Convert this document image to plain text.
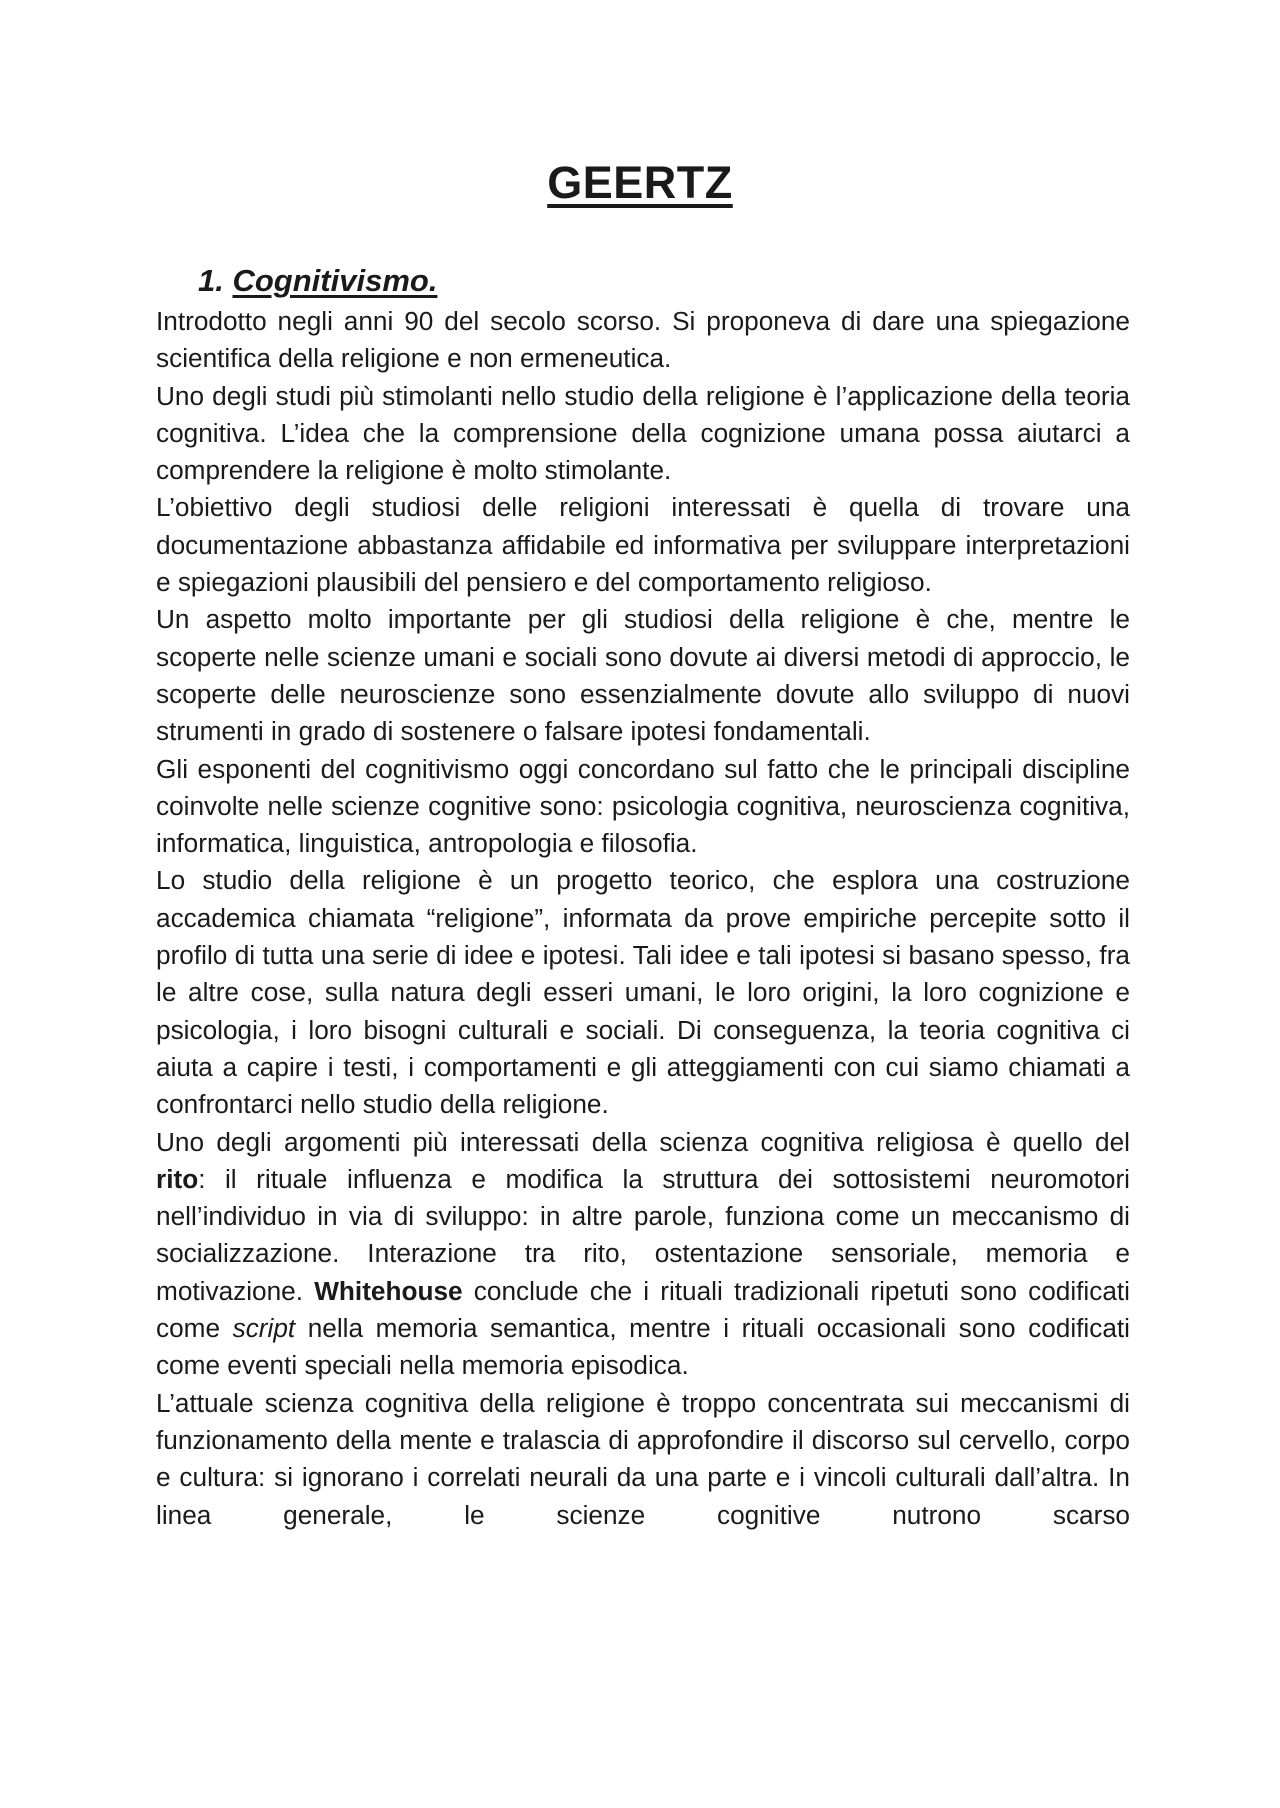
GEERTZ
1. Cognitivismo.

Introdotto negli anni 90 del secolo scorso. Si proponeva di dare una spiegazione scientifica della religione e non ermeneutica.

Uno degli studi più stimolanti nello studio della religione è l’applicazione della teoria cognitiva. L’idea che la comprensione della cognizione umana possa aiutarci a comprendere la religione è molto stimolante.

L’obiettivo degli studiosi delle religioni interessati è quella di trovare una documentazione abbastanza affidabile ed informativa per sviluppare interpretazioni e spiegazioni plausibili del pensiero e del comportamento religioso.

Un aspetto molto importante per gli studiosi della religione è che, mentre le scoperte nelle scienze umani e sociali sono dovute ai diversi metodi di approccio, le scoperte delle neuroscienze sono essenzialmente dovute allo sviluppo di nuovi strumenti in grado di sostenere o falsare ipotesi fondamentali.

Gli esponenti del cognitivismo oggi concordano sul fatto che le principali discipline coinvolte nelle scienze cognitive sono: psicologia cognitiva, neuroscienza cognitiva, informatica, linguistica, antropologia e filosofia.

Lo studio della religione è un progetto teorico, che esplora una costruzione accademica chiamata “religione”, informata da prove empiriche percepite sotto il profilo di tutta una serie di idee e ipotesi. Tali idee e tali ipotesi si basano spesso, fra le altre cose, sulla natura degli esseri umani, le loro origini, la loro cognizione e psicologia, i loro bisogni culturali e sociali. Di conseguenza, la teoria cognitiva ci aiuta a capire i testi, i comportamenti e gli atteggiamenti con cui siamo chiamati a confrontarci nello studio della religione.

Uno degli argomenti più interessati della scienza cognitiva religiosa è quello del rito: il rituale influenza e modifica la struttura dei sottosistemi neuromotori nell’individuo in via di sviluppo: in altre parole, funziona come un meccanismo di socializzazione. Interazione tra rito, ostentazione sensoriale, memoria e motivazione. Whitehouse conclude che i rituali tradizionali ripetuti sono codificati come script nella memoria semantica, mentre i rituali occasionali sono codificati come eventi speciali nella memoria episodica.

L’attuale scienza cognitiva della religione è troppo concentrata sui meccanismi di funzionamento della mente e tralascia di approfondire il discorso sul cervello, corpo e cultura: si ignorano i correlati neurali da una parte e i vincoli culturali dall’altra. In linea generale, le scienze cognitive nutrono scarso
